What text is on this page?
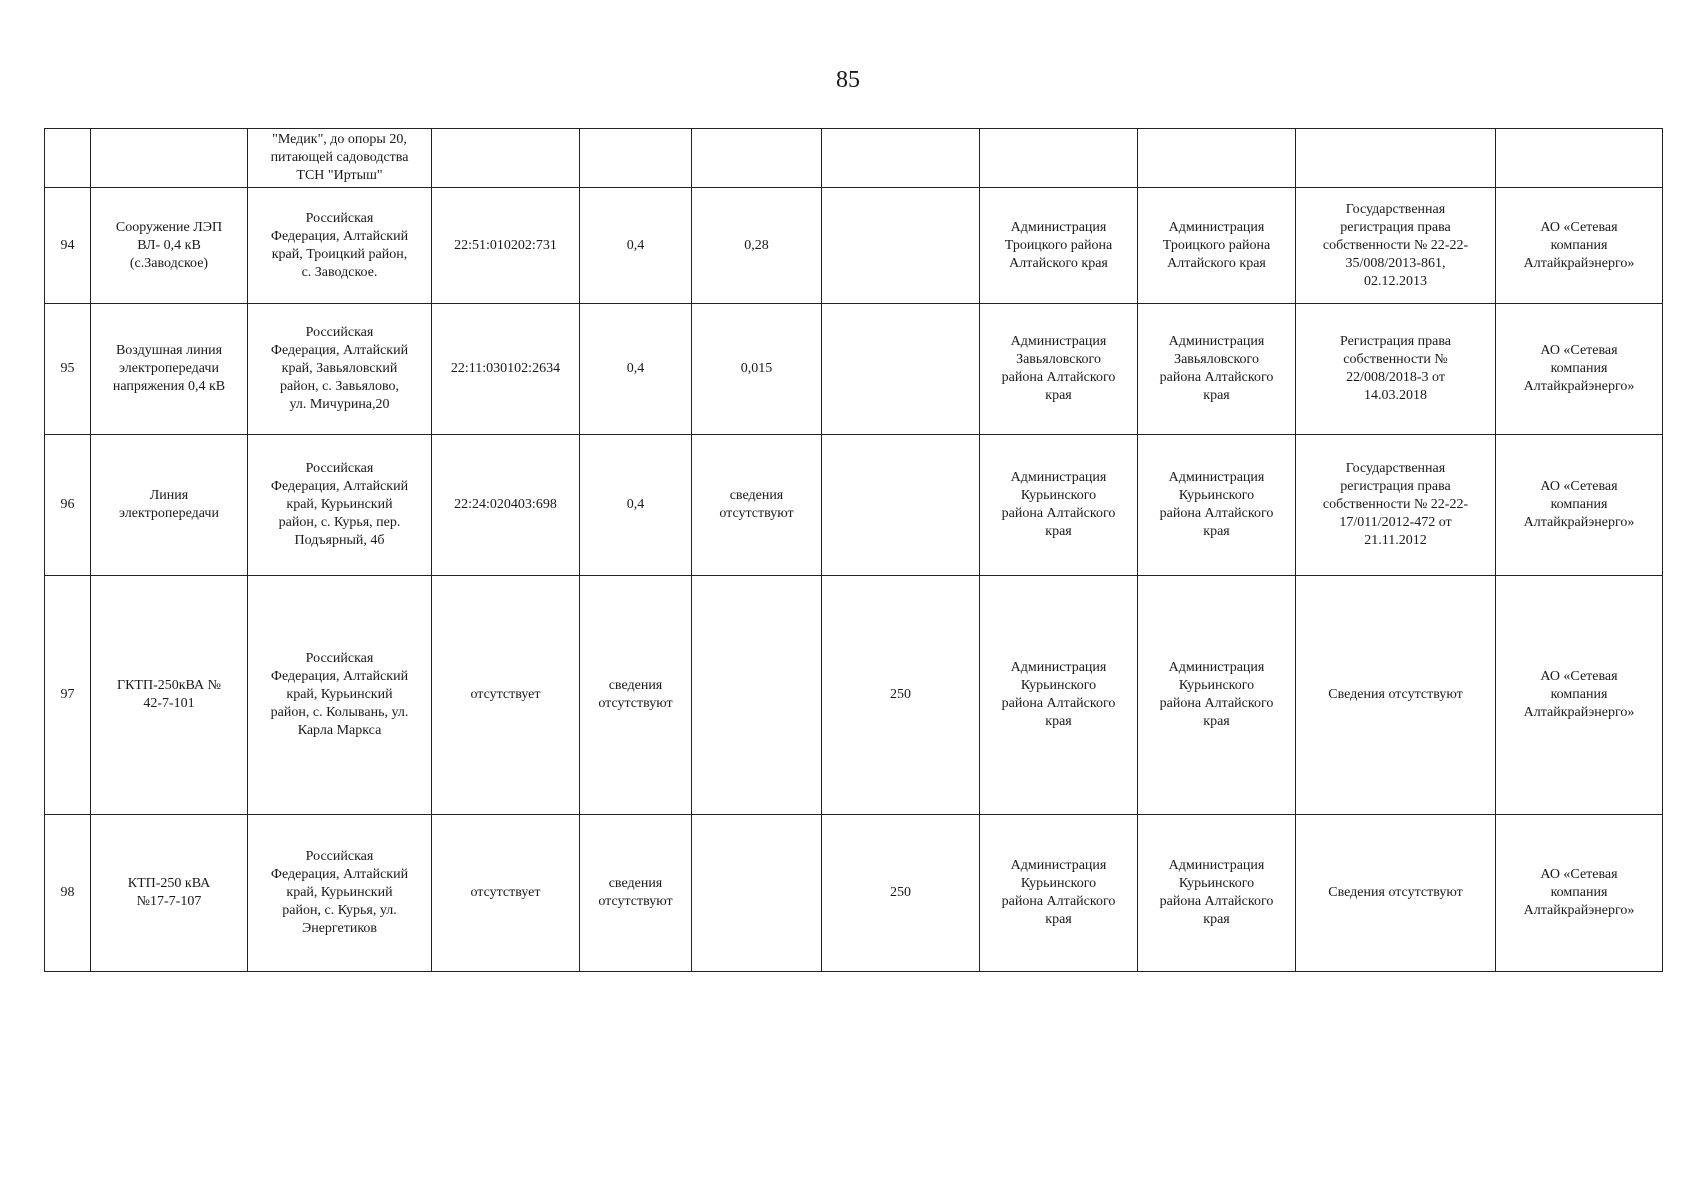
85

		"Медик", до опоры 20,
питающей садоводства
ТСН "Иртыш"								

94	Сооружение ЛЭП
ВЛ- 0,4 кВ
(с.Заводское)	Российская
Федерация, Алтайский
край, Троицкий район,
с. Заводское.	22:51:010202:731	0,4	0,28		Администрация
Троицкого района
Алтайского края	Администрация
Троицкого района
Алтайского края	Государственная
регистрация права
собственности № 22-22-
35/008/2013-861,
02.12.2013	АО «Сетевая
компания
Алтайкрайэнерго»

95	Воздушная линия
электропередачи
напряжения 0,4 кВ	Российская
Федерация, Алтайский
край, Завьяловский
район, с. Завьялово,
ул. Мичурина,20	22:11:030102:2634	0,4	0,015		Администрация
Завьяловского
района Алтайского
края	Администрация
Завьяловского
района Алтайского
края	Регистрация права
собственности №
22/008/2018-3 от
14.03.2018	АО «Сетевая
компания
Алтайкрайэнерго»

96	Линия
электропередачи	Российская
Федерация, Алтайский
край, Курьинский
район, с. Курья, пер.
Подъярный, 4б	22:24:020403:698	0,4	сведения
отсутствуют		Администрация
Курьинского
района Алтайского
края	Администрация
Курьинского
района Алтайского
края	Государственная
регистрация права
собственности № 22-22-
17/011/2012-472 от
21.11.2012	АО «Сетевая
компания
Алтайкрайэнерго»

97	ГКТП-250кВА №
42-7-101	Российская
Федерация, Алтайский
край, Курьинский
район, с. Колывань, ул.
Карла Маркса	отсутствует	сведения
отсутствуют		250	Администрация
Курьинского
района Алтайского
края	Администрация
Курьинского
района Алтайского
края	Сведения отсутствуют	АО «Сетевая
компания
Алтайкрайэнерго»

98	КТП-250 кВА
№17-7-107	Российская
Федерация, Алтайский
край, Курьинский
район, с. Курья, ул.
Энергетиков	отсутствует	сведения
отсутствуют		250	Администрация
Курьинского
района Алтайского
края	Администрация
Курьинского
района Алтайского
края	Сведения отсутствуют	АО «Сетевая
компания
Алтайкрайэнерго»
